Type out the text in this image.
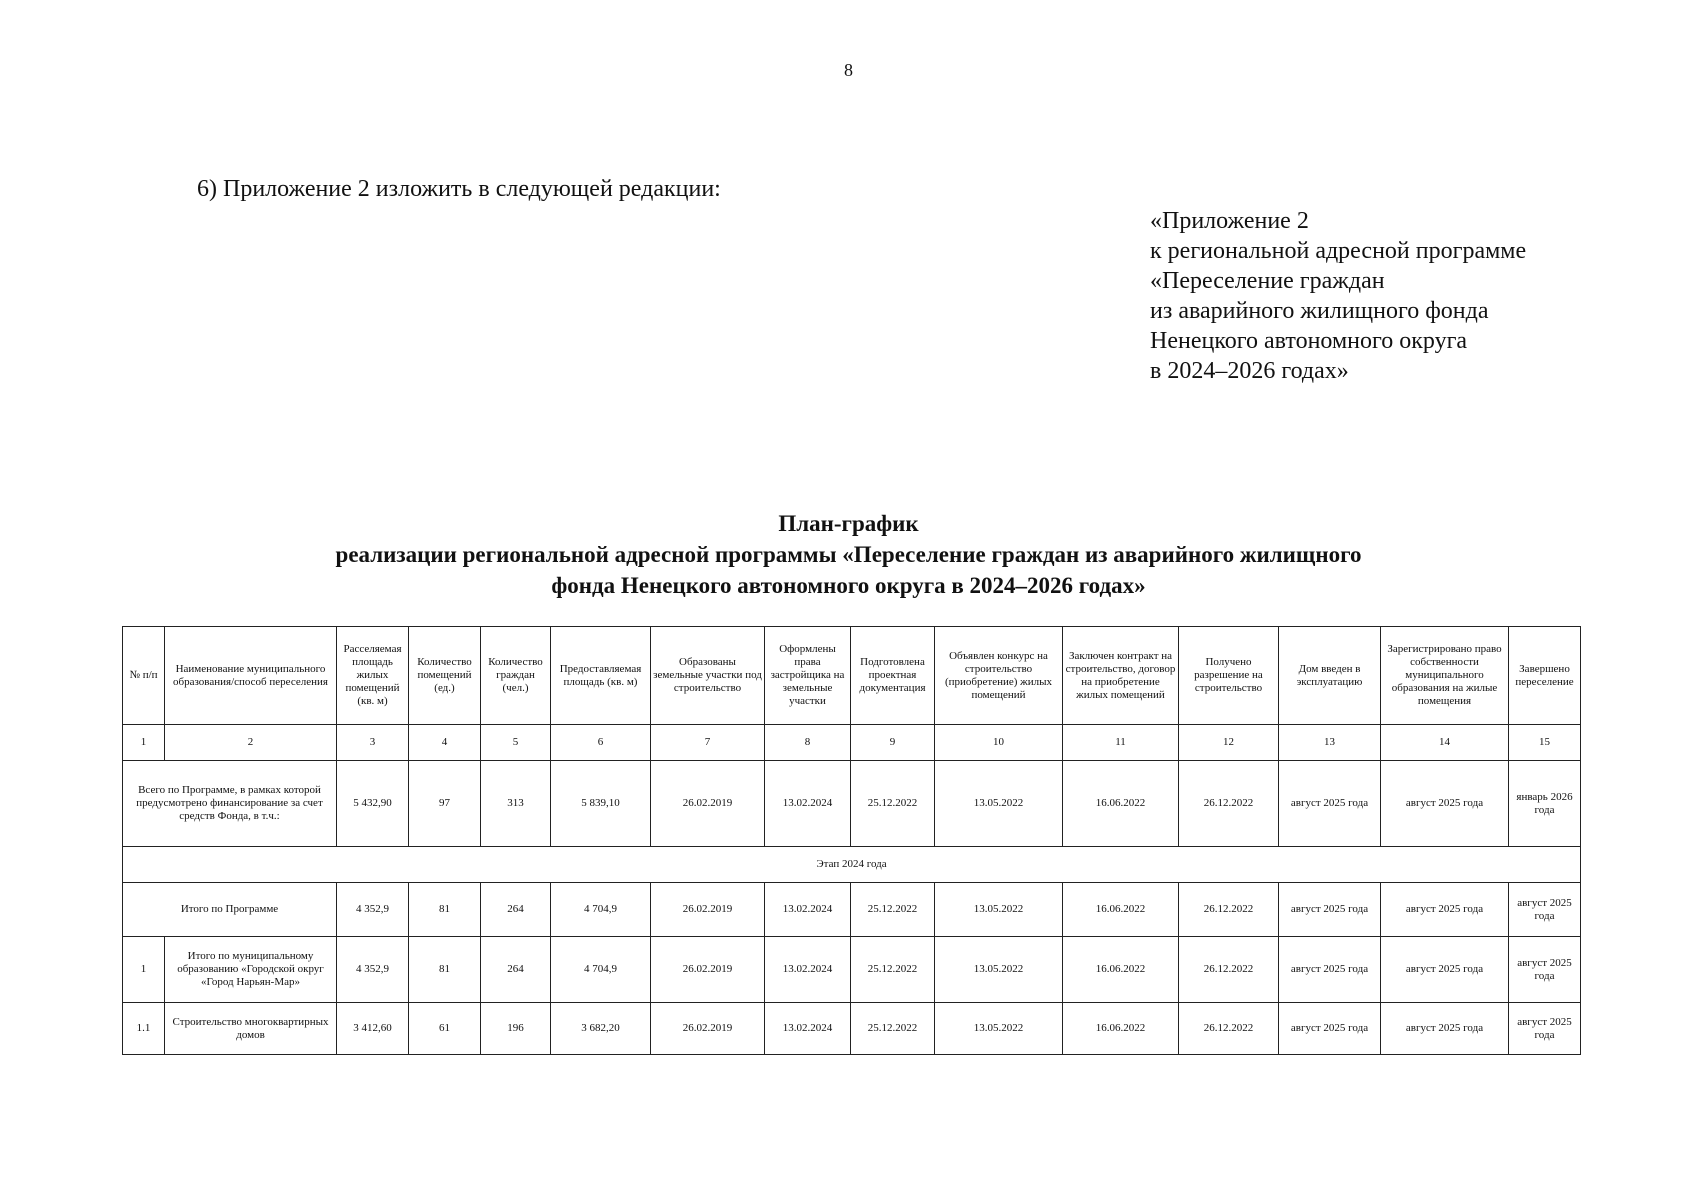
8
6) Приложение 2 изложить в следующей редакции:
«Приложение 2
к региональной адресной программе
«Переселение граждан
из аварийного жилищного фонда
Ненецкого автономного округа
в 2024–2026 годах»
План-график
реализации региональной адресной программы «Переселение граждан из аварийного жилищного
фонда Ненецкого автономного округа в 2024–2026 годах»
№ п/п	Наименование муниципального образования/способ переселения	Расселяемая площадь жилых помещений (кв. м)	Количество помещений (ед.)	Количество граждан (чел.)	Предоставляемая площадь (кв. м)	Образованы земельные участки под строительство	Оформлены права застройщика на земельные участки	Подготовлена проектная документация	Объявлен конкурс на строительство (приобретение) жилых помещений	Заключен контракт на строительство, договор на приобретение жилых помещений	Получено разрешение на строительство	Дом введен в эксплуатацию	Зарегистрировано право собственности муниципального образования на жилые помещения	Завершено переселение
1	2	3	4	5	6	7	8	9	10	11	12	13	14	15
Всего по Программе, в рамках которой предусмотрено финансирование за счет средств Фонда, в т.ч.:		5 432,90	97	313	5 839,10	26.02.2019	13.02.2024	25.12.2022	13.05.2022	16.06.2022	26.12.2022	август 2025 года	август 2025 года	январь 2026 года
Этап 2024 года														
Итого по Программе		4 352,9	81	264	4 704,9	26.02.2019	13.02.2024	25.12.2022	13.05.2022	16.06.2022	26.12.2022	август 2025 года	август 2025 года	август 2025 года
1	Итого по муниципальному образованию «Городской округ «Город Нарьян-Мар»	4 352,9	81	264	4 704,9	26.02.2019	13.02.2024	25.12.2022	13.05.2022	16.06.2022	26.12.2022	август 2025 года	август 2025 года	август 2025 года
1.1	Строительство многоквартирных домов	3 412,60	61	196	3 682,20	26.02.2019	13.02.2024	25.12.2022	13.05.2022	16.06.2022	26.12.2022	август 2025 года	август 2025 года	август 2025 года
